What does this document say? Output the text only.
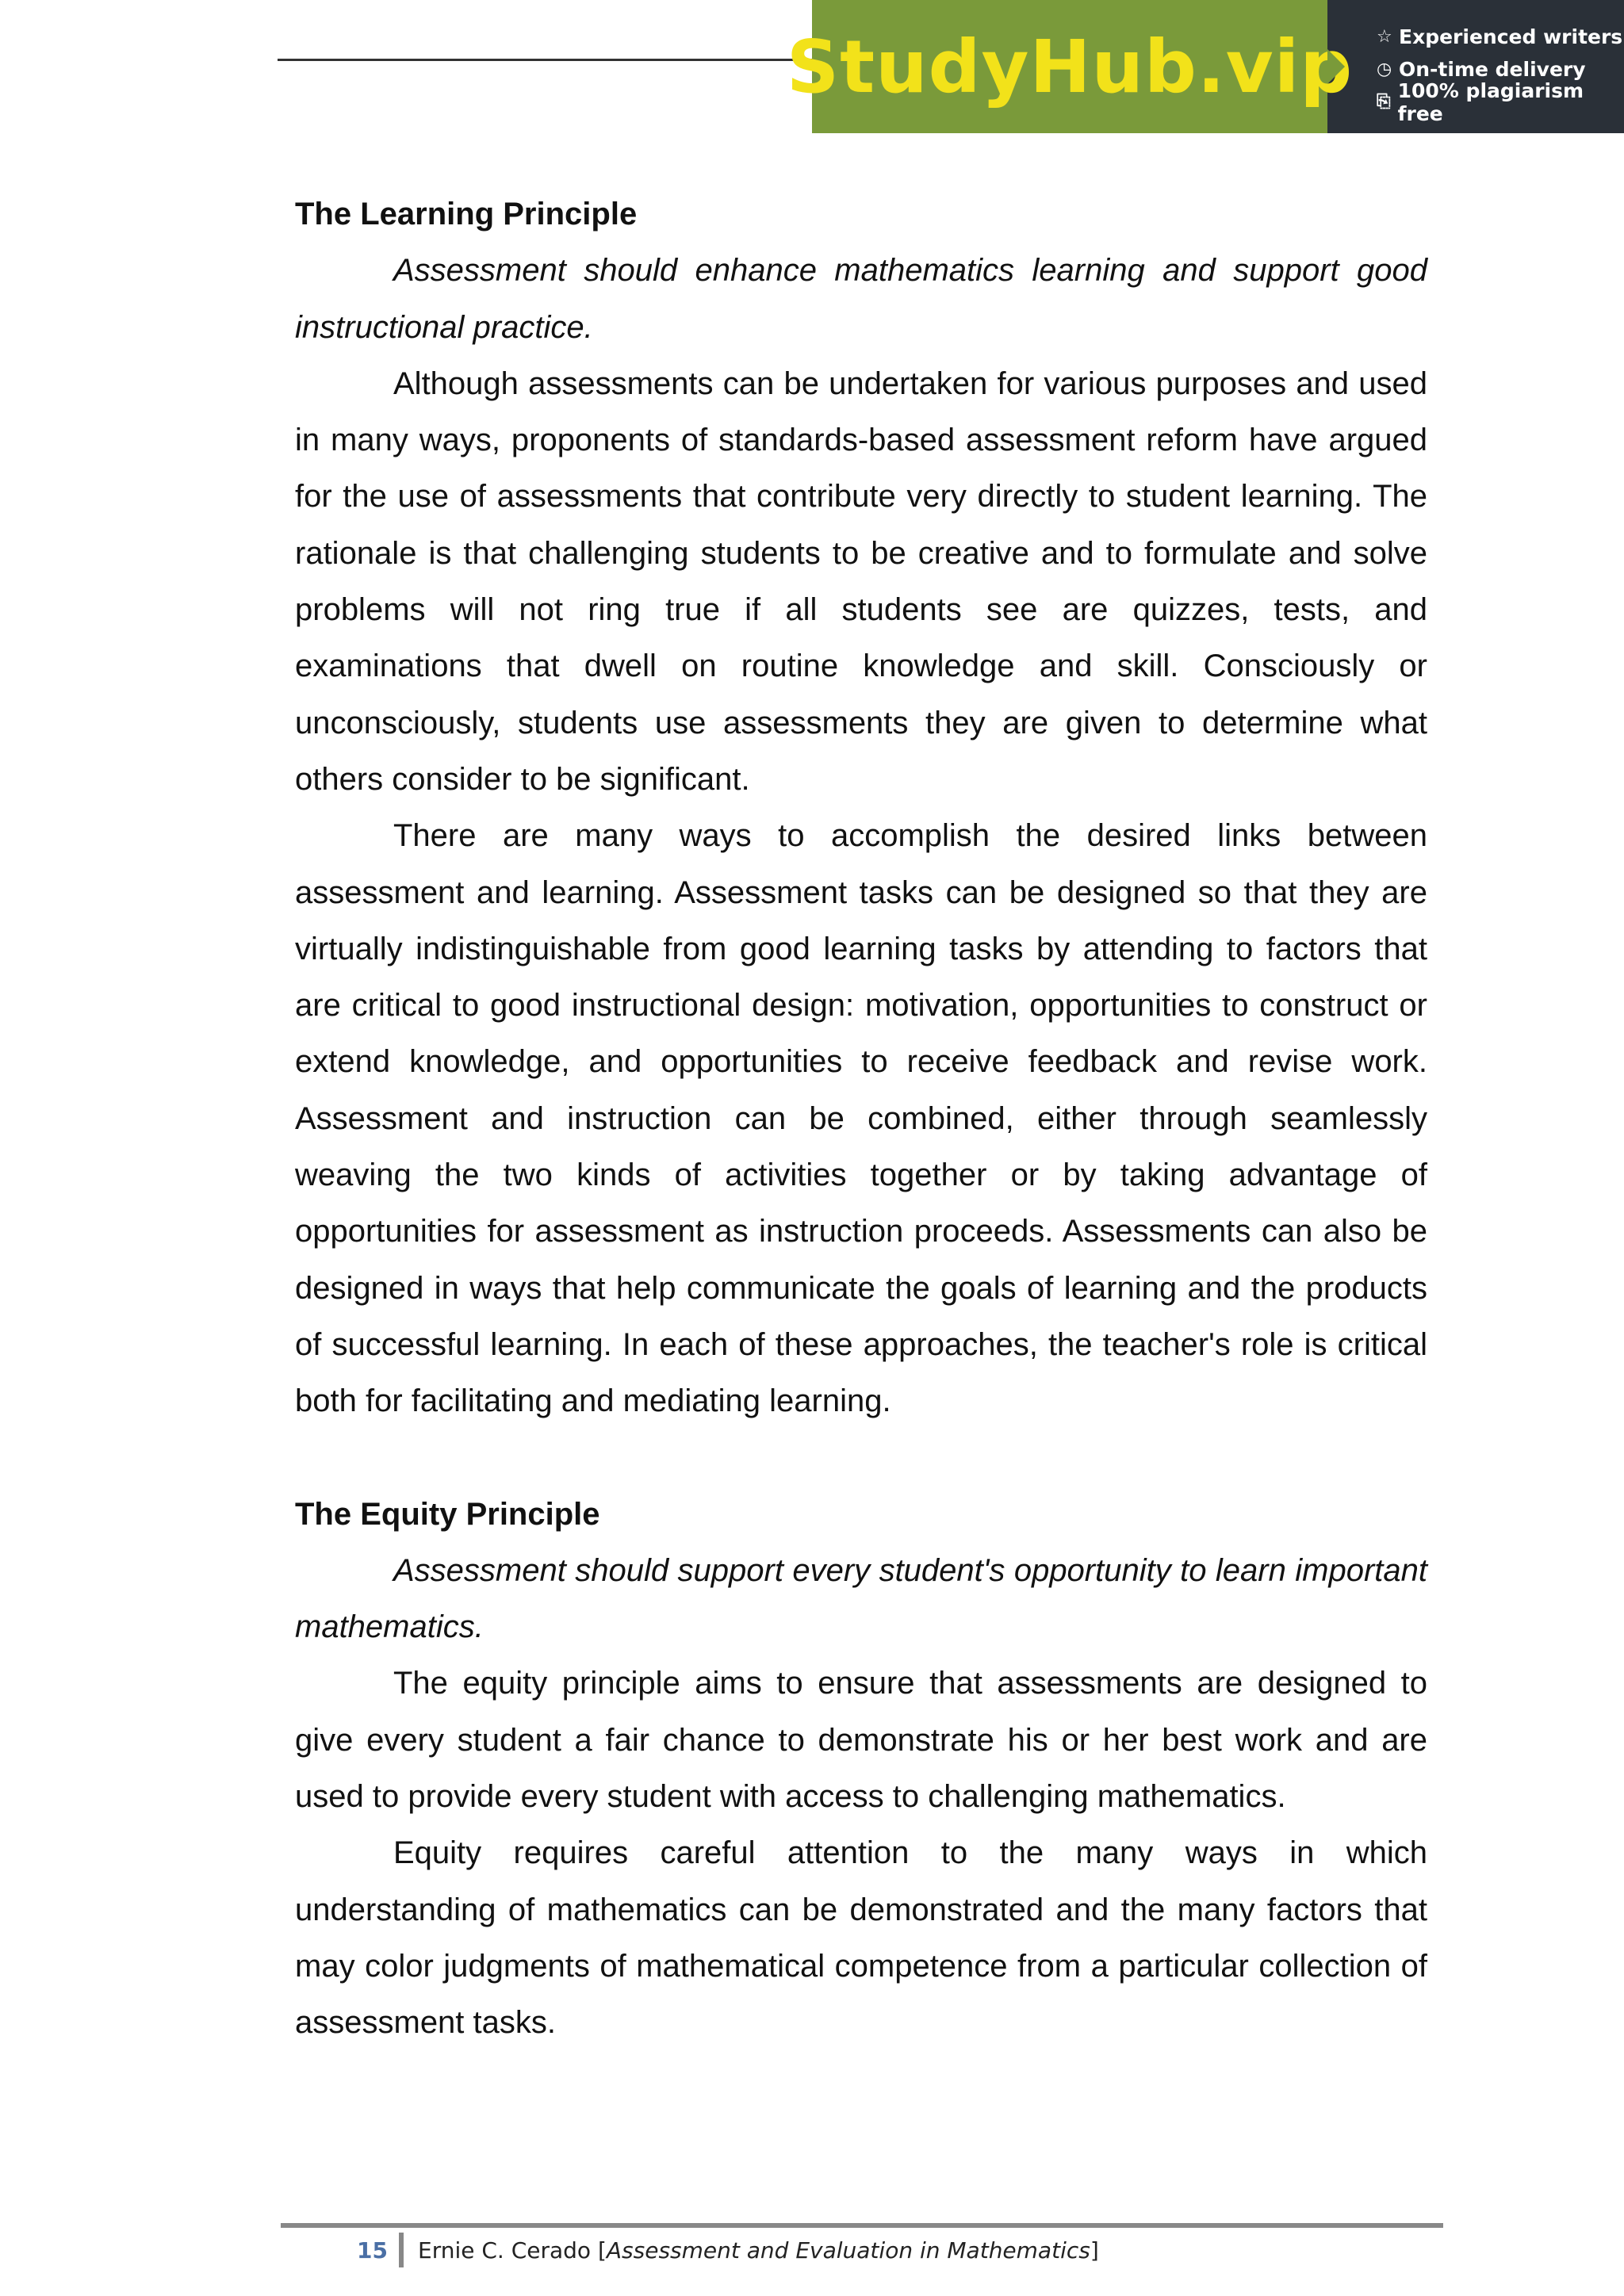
StudyHub.vip ☆ Experienced writers
◷ On-time delivery
⎘ 100% plagiarism free

The Learning Principle

Assessment should enhance mathematics learning and support good instructional practice.

Although assessments can be undertaken for various purposes and used in many ways, proponents of standards-based assessment reform have argued for the use of assessments that contribute very directly to student learning. The rationale is that challenging students to be creative and to formulate and solve problems will not ring true if all students see are quizzes, tests, and examinations that dwell on routine knowledge and skill. Consciously or unconsciously, students use assessments they are given to determine what others consider to be significant.

There are many ways to accomplish the desired links between assessment and learning. Assessment tasks can be designed so that they are virtually indistinguishable from good learning tasks by attending to factors that are critical to good instructional design: motivation, opportunities to construct or extend knowledge, and opportunities to receive feedback and revise work. Assessment and instruction can be combined, either through seamlessly weaving the two kinds of activities together or by taking advantage of opportunities for assessment as instruction proceeds. Assessments can also be designed in ways that help communicate the goals of learning and the products of successful learning. In each of these approaches, the teacher's role is critical both for facilitating and mediating learning.

The Equity Principle

Assessment should support every student's opportunity to learn important mathematics.

The equity principle aims to ensure that assessments are designed to give every student a fair chance to demonstrate his or her best work and are used to provide every student with access to challenging mathematics.

Equity requires careful attention to the many ways in which understanding of mathematics can be demonstrated and the many factors that may color judgments of mathematical competence from a particular collection of assessment tasks.

15	Ernie C. Cerado [ Assessment and Evaluation in Mathematics ]
